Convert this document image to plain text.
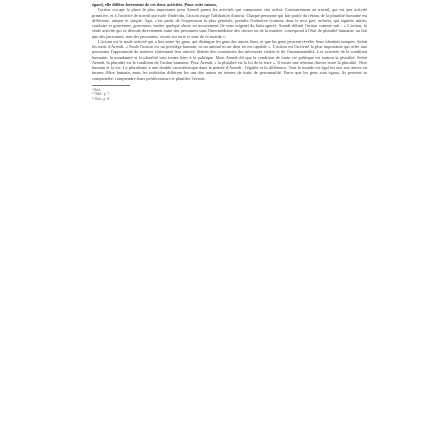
égard, elle diffère fortement de ces deux activités. Pour cette raison,

l'action occupe la place la plus importante pour Arendt parmi les activités qui composent vita activa. Contrairement au travail, qui est une activité primitive, et à l'activité de travail qui isole l'individu, l'action exige l'affiliation d'autrui. Chaque personne qui fait partie du réseau de la pluralité humaine est différente, unique et simple. Agir, c'est partir de l'expression la plus générale, prendre l'initiative (comme dans le mot grec archein, qui signifie initier, conduire et gouverner, gouverner, mettre quelque chose en mouvement (le sens original du latin agere). Arendt définit l'action comme suit : « L'action, la seule activité qui se déroule directement entre des personnes sans l'intermédiaire des choses ou de la matière, correspond à l'état de pluralité humaine, au fait que des personnes, non des personnes, vivent sur terre et sont de ce monde ».

L'action est la seule activité qui a lieu entre les gens, qui distingue les gens des autres êtres, et que les gens peuvent révéler leurs identités uniques. Selon les mots d'Arendt, « Seule l'action est un privilège humain, ni un animal ni un dieu en est capable ». L'action est l'activité la plus importante qui offre aux personnes l'opportunité de montrer clairement leur unicité, libérée des contraintes des nécessités vitales et de l'instrumentalité. Les activités de la condition humaine, la mondanité et la pluralité sont toutes liées à la politique. Mais Arendt dit que la condition de toute vie politique est surtout la pluralité. Selon Arendt, la pluralité est la condition de l'action humaine. Pour Arendt, « la pluralité est la loi de la terre ». Il existe une relation directe entre la pluralité, l'être humain et la vie. Le pluralisme a une double caractéristique dans la pensée d'Arendt : l'égalité et la différence. Tout le monde est égal les uns aux autres en termes d'être humain, mais les individus diffèrent les uns des autres en termes de traits de personnalité. Parce que les gens sont égaux, ils peuvent se comprendre, comprendre leurs prédécesseurs et planifier l'avenir.

⁹ Ibid.
¹⁰ Ibid., p. 7.
¹¹ Ibid., p. 8.
